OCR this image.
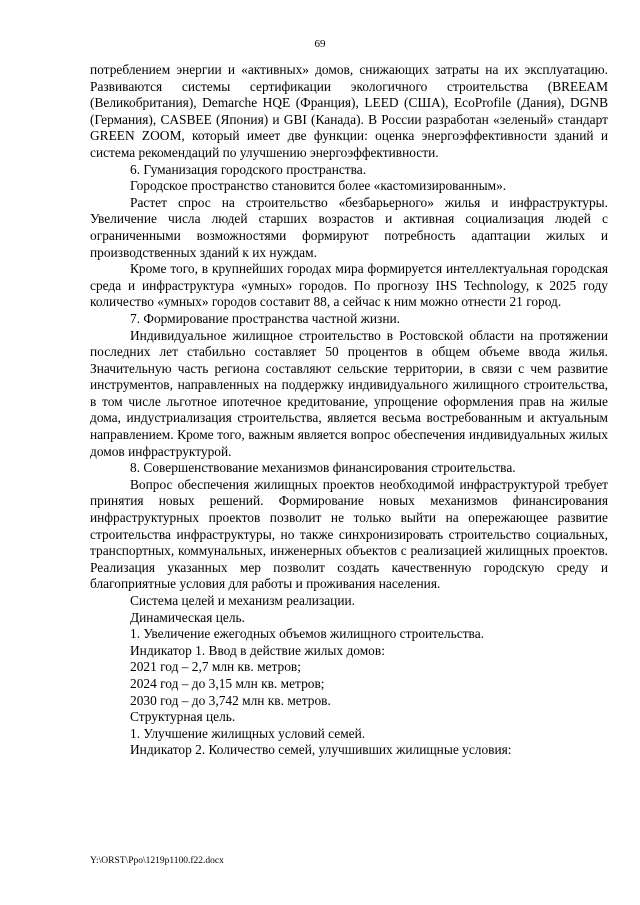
69

потреблением энергии и «активных» домов, снижающих затраты на их эксплуатацию. Развиваются системы сертификации экологичного строительства (BREEAM (Великобритания), Demarche HQE (Франция), LEED (США), EcoProfile (Дания), DGNB (Германия), CASBEE (Япония) и GBI (Канада). В России разработан «зеленый» стандарт GREEN ZOOM, который имеет две функции: оценка энергоэффективности зданий и система рекомендаций по улучшению энергоэффективности.

6. Гуманизация городского пространства.

Городское пространство становится более «кастомизированным».

Растет спрос на строительство «безбарьерного» жилья и инфраструктуры. Увеличение числа людей старших возрастов и активная социализация людей с ограниченными возможностями формируют потребность адаптации жилых и производственных зданий к их нуждам.

Кроме того, в крупнейших городах мира формируется интеллектуальная городская среда и инфраструктура «умных» городов. По прогнозу IHS Technology, к 2025 году количество «умных» городов составит 88, а сейчас к ним можно отнести 21 город.

7. Формирование пространства частной жизни.

Индивидуальное жилищное строительство в Ростовской области на протяжении последних лет стабильно составляет 50 процентов в общем объеме ввода жилья. Значительную часть региона составляют сельские территории, в связи с чем развитие инструментов, направленных на поддержку индивидуального жилищного строительства, в том числе льготное ипотечное кредитование, упрощение оформления прав на жилые дома, индустриализация строительства, является весьма востребованным и актуальным направлением. Кроме того, важным является вопрос обеспечения индивидуальных жилых домов инфраструктурой.

8. Совершенствование механизмов финансирования строительства.

Вопрос обеспечения жилищных проектов необходимой инфраструктурой требует принятия новых решений. Формирование новых механизмов финансирования инфраструктурных проектов позволит не только выйти на опережающее развитие строительства инфраструктуры, но также синхронизировать строительство социальных, транспортных, коммунальных, инженерных объектов с реализацией жилищных проектов. Реализация указанных мер позволит создать качественную городскую среду и благоприятные условия для работы и проживания населения.

Система целей и механизм реализации.

Динамическая цель.

1. Увеличение ежегодных объемов жилищного строительства.

Индикатор 1. Ввод в действие жилых домов:

2021 год – 2,7 млн кв. метров;

2024 год – до 3,15 млн кв. метров;

2030 год – до 3,742 млн кв. метров.

Структурная цель.

1. Улучшение жилищных условий семей.

Индикатор 2. Количество семей, улучшивших жилищные условия:

Y:\ORST\Ppo\1219p1100.f22.docx
